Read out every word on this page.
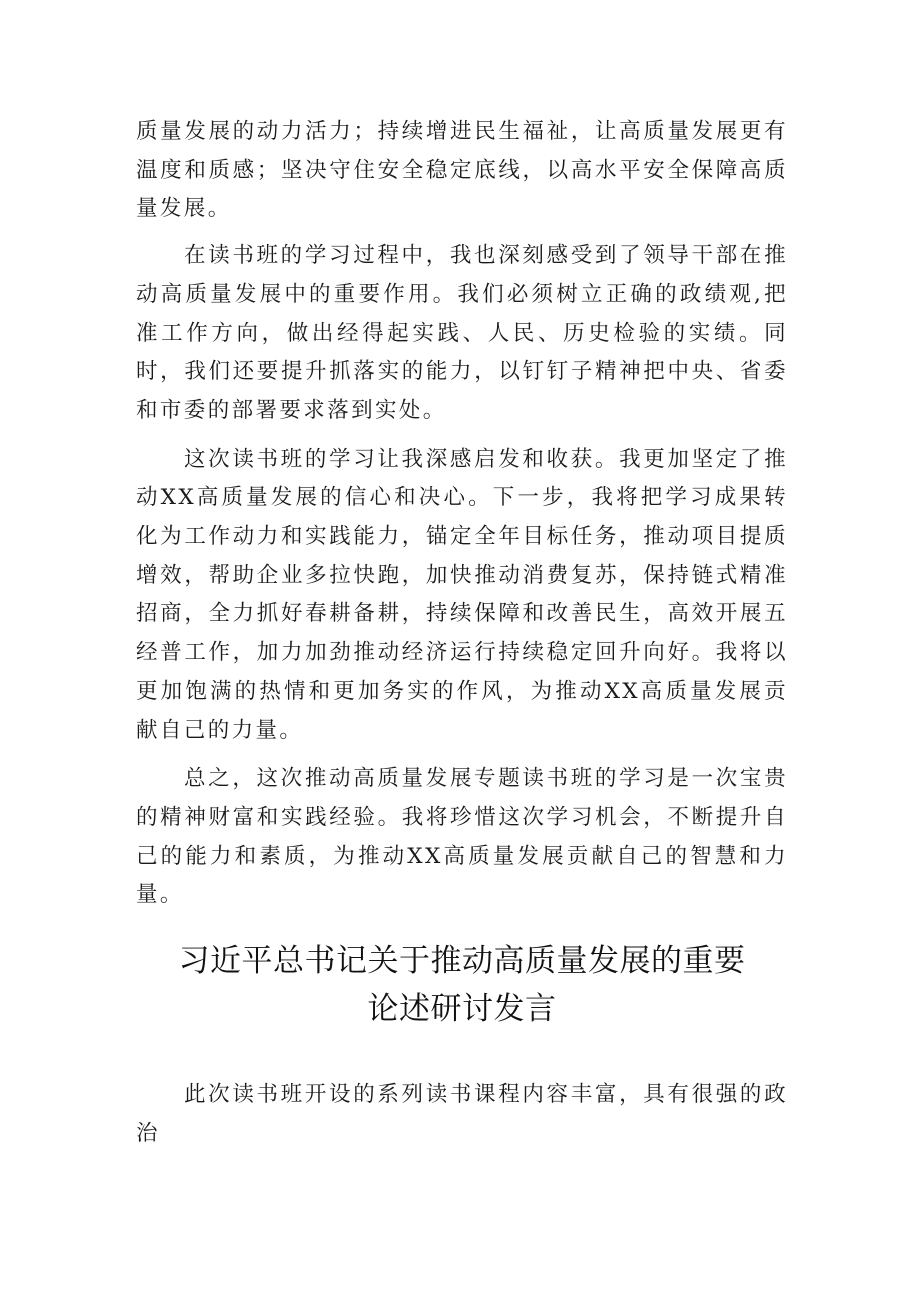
质量发展的动力活力；持续增进民生福祉，让高质量发展更有温度和质感；坚决守住安全稳定底线，以高水平安全保障高质量发展。

在读书班的学习过程中，我也深刻感受到了领导干部在推动高质量发展中的重要作用。我们必须树立正确的政绩观,把准工作方向，做出经得起实践、人民、历史检验的实绩。同时，我们还要提升抓落实的能力，以钉钉子精神把中央、省委和市委的部署要求落到实处。

这次读书班的学习让我深感启发和收获。我更加坚定了推动XX高质量发展的信心和决心。下一步，我将把学习成果转化为工作动力和实践能力，锚定全年目标任务，推动项目提质增效，帮助企业多拉快跑，加快推动消费复苏，保持链式精准招商，全力抓好春耕备耕，持续保障和改善民生，高效开展五经普工作，加力加劲推动经济运行持续稳定回升向好。我将以更加饱满的热情和更加务实的作风，为推动XX高质量发展贡献自己的力量。

总之，这次推动高质量发展专题读书班的学习是一次宝贵的精神财富和实践经验。我将珍惜这次学习机会，不断提升自己的能力和素质，为推动XX高质量发展贡献自己的智慧和力量。

习近平总书记关于推动高质量发展的重要
论述研讨发言

此次读书班开设的系列读书课程内容丰富，具有很强的政治
